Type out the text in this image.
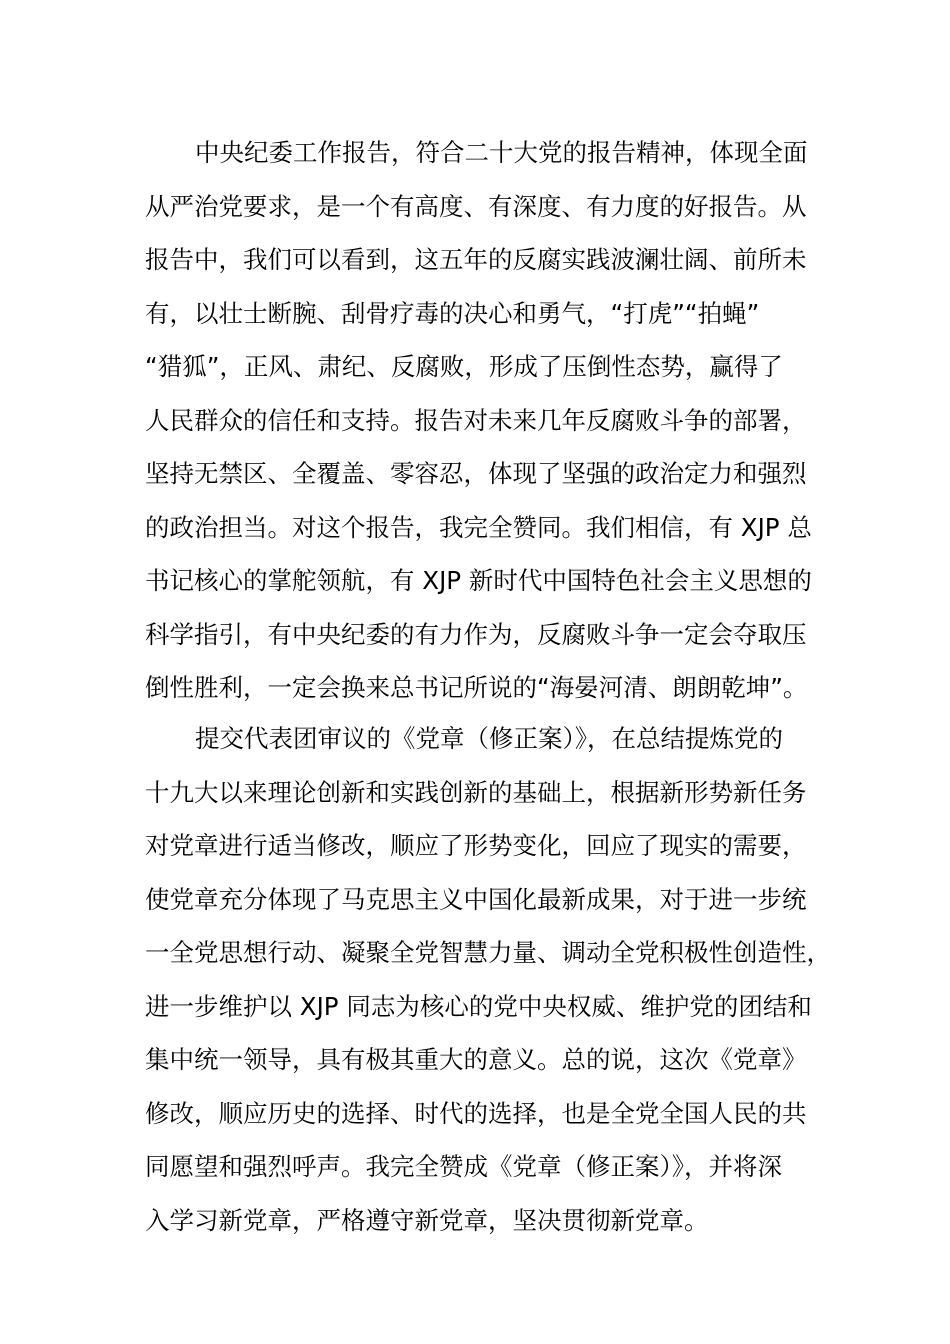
中央纪委工作报告，符合二十大党的报告精神，体现全面
从严治党要求，是一个有高度、有深度、有力度的好报告。从
报告中，我们可以看到，这五年的反腐实践波澜壮阔、前所未
有，以壮士断腕、刮骨疗毒的决心和勇气，“打虎”“拍蝇”
“猎狐”，正风、肃纪、反腐败，形成了压倒性态势，赢得了
人民群众的信任和支持。报告对未来几年反腐败斗争的部署，
坚持无禁区、全覆盖、零容忍，体现了坚强的政治定力和强烈
的政治担当。对这个报告，我完全赞同。我们相信，有 XJP 总
书记核心的掌舵领航，有 XJP 新时代中国特色社会主义思想的
科学指引，有中央纪委的有力作为，反腐败斗争一定会夺取压
倒性胜利，一定会换来总书记所说的“海晏河清、朗朗乾坤”。
提交代表团审议的《党章（修正案）》，在总结提炼党的
十九大以来理论创新和实践创新的基础上，根据新形势新任务
对党章进行适当修改，顺应了形势变化，回应了现实的需要，
使党章充分体现了马克思主义中国化最新成果，对于进一步统
一全党思想行动、凝聚全党智慧力量、调动全党积极性创造性，
进一步维护以 XJP 同志为核心的党中央权威、维护党的团结和
集中统一领导，具有极其重大的意义。总的说，这次《党章》
修改，顺应历史的选择、时代的选择，也是全党全国人民的共
同愿望和强烈呼声。我完全赞成《党章（修正案）》，并将深
入学习新党章，严格遵守新党章，坚决贯彻新党章。
